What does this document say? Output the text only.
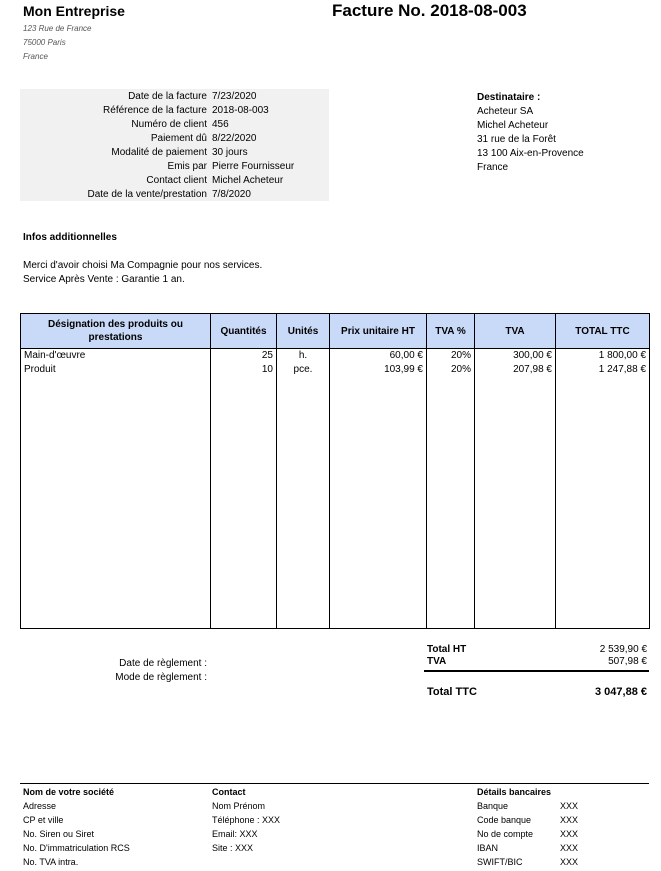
Mon Entreprise
123 Rue de France
75000 Paris
France
Facture No. 2018-08-003
Date de la facture 7/23/2020
Référence de la facture 2018-08-003
Numéro de client 456
Paiement dû 8/22/2020
Modalité de paiement 30 jours
Emis par Pierre Fournisseur
Contact client Michel Acheteur
Date de la vente/prestation 7/8/2020
Destinataire :
Acheteur SA
Michel Acheteur
31 rue de la Forêt
13 100 Aix-en-Provence
France
Infos additionnelles
Merci d'avoir choisi Ma Compagnie pour nos services.
Service Après Vente : Garantie 1 an.
Désignation des produits ou prestations	Quantités	Unités	Prix unitaire HT	TVA %	TVA	TOTAL TTC
Main-d'œuvre	25	h.	60,00 €	20%	300,00 €	1 800,00 €
Produit	10	pce.	103,99 €	20%	207,98 €	1 247,88 €

Date de règlement :
Mode de règlement :
Total HT	2 539,90 €
TVA	507,98 €
Total TTC	3 047,88 €
Nom de votre société
Adresse
CP et ville
No. Siren ou Siret
No. D'immatriculation RCS
No. TVA intra.
Contact
Nom Prénom
Téléphone : XXX
Email: XXX
Site : XXX
Détails bancaires
Banque	XXX
Code banque	XXX
No de compte	XXX
IBAN	XXX
SWIFT/BIC	XXX
